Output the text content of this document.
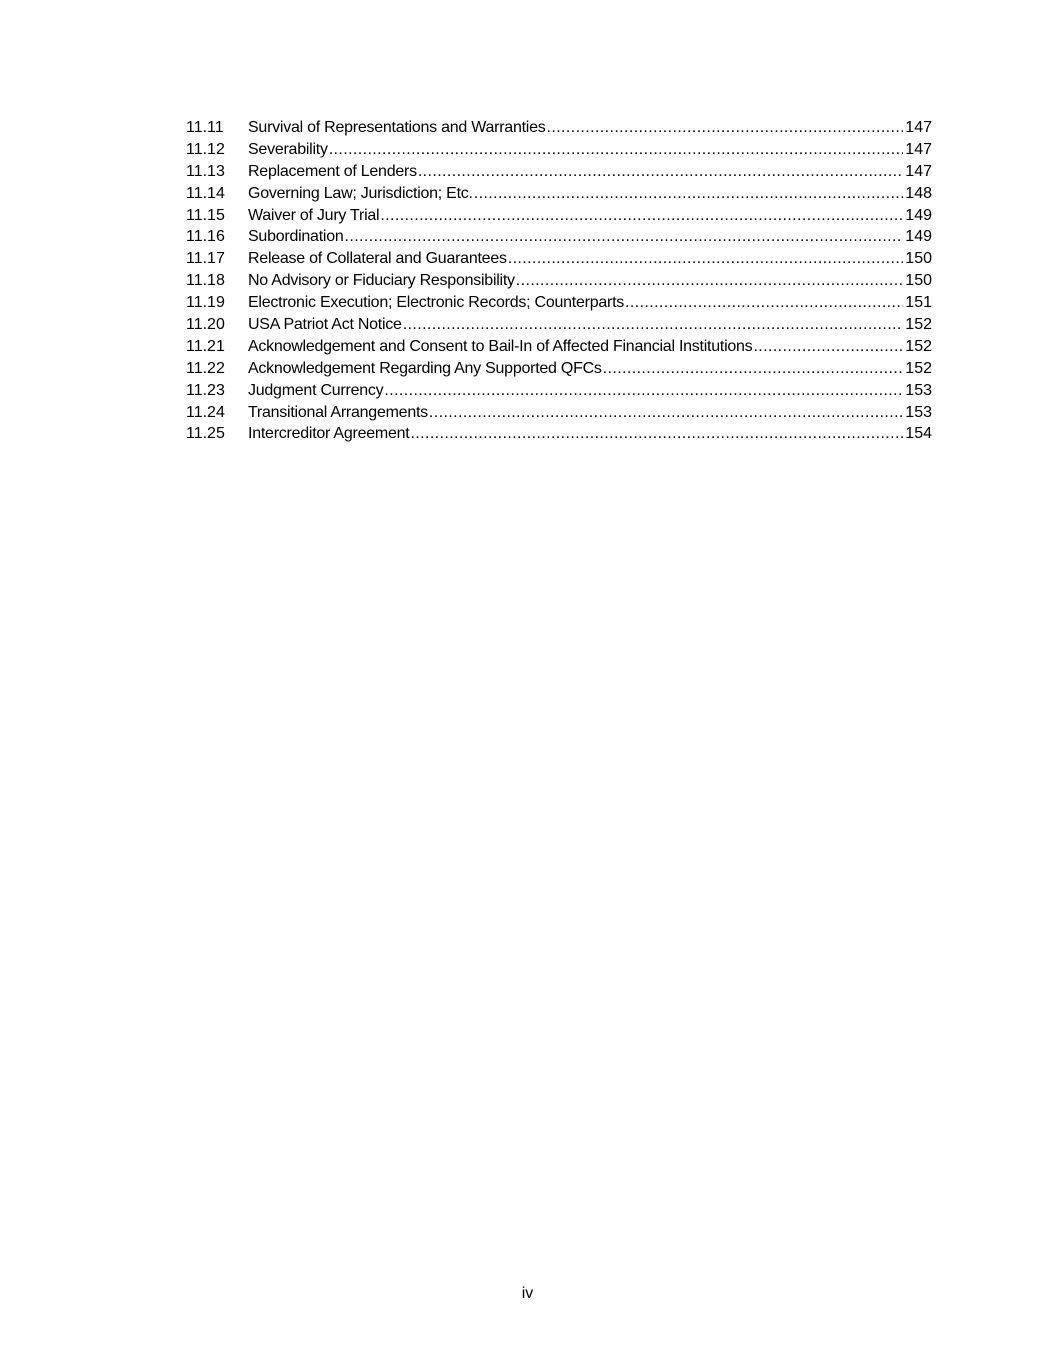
11.11	Survival of Representations and Warranties .....	147
11.12	Severability .....	147
11.13	Replacement of Lenders .....	147
11.14	Governing Law; Jurisdiction; Etc. .....	148
11.15	Waiver of Jury Trial .....	149
11.16	Subordination .....	149
11.17	Release of Collateral and Guarantees .....	150
11.18	No Advisory or Fiduciary Responsibility .....	150
11.19	Electronic Execution; Electronic Records; Counterparts .....	151
11.20	USA Patriot Act Notice .....	152
11.21	Acknowledgement and Consent to Bail-In of Affected Financial Institutions .....	152
11.22	Acknowledgement Regarding Any Supported QFCs .....	152
11.23	Judgment Currency .....	153
11.24	Transitional Arrangements .....	153
11.25	Intercreditor Agreement .....	154
iv
